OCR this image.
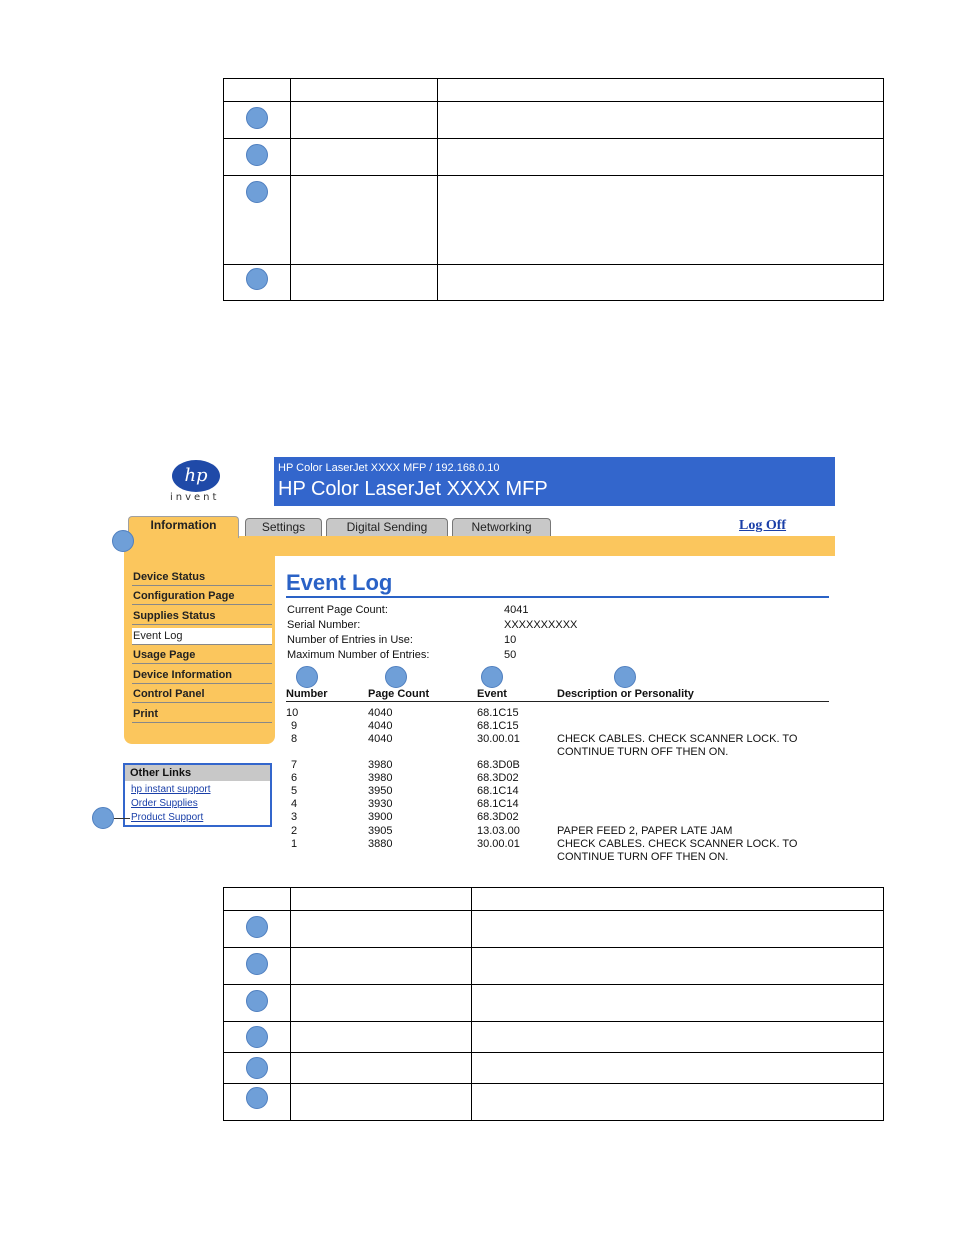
hp
invent
HP Color LaserJet XXXX MFP / 192.168.0.10
HP Color LaserJet XXXX MFP
Information	Settings	Digital Sending	Networking	Log Off
Device Status
Configuration Page
Supplies Status
Event Log
Usage Page
Device Information
Control Panel
Print
Event Log
Current Page Count:	4041
Serial Number:	XXXXXXXXXX
Number of Entries in Use:	10
Maximum Number of Entries:	50
Number	Page Count	Event	Description or Personality
10	4040	68.1C15
9	4040	68.1C15
8	4040	30.00.01	CHECK CABLES. CHECK SCANNER LOCK. TO
CONTINUE TURN OFF THEN ON.
7	3980	68.3D0B
6	3980	68.3D02
5	3950	68.1C14
4	3930	68.1C14
3	3900	68.3D02
2	3905	13.03.00	PAPER FEED 2, PAPER LATE JAM
1	3880	30.00.01	CHECK CABLES. CHECK SCANNER LOCK. TO
CONTINUE TURN OFF THEN ON.
Other Links
hp instant support
Order Supplies
Product Support
